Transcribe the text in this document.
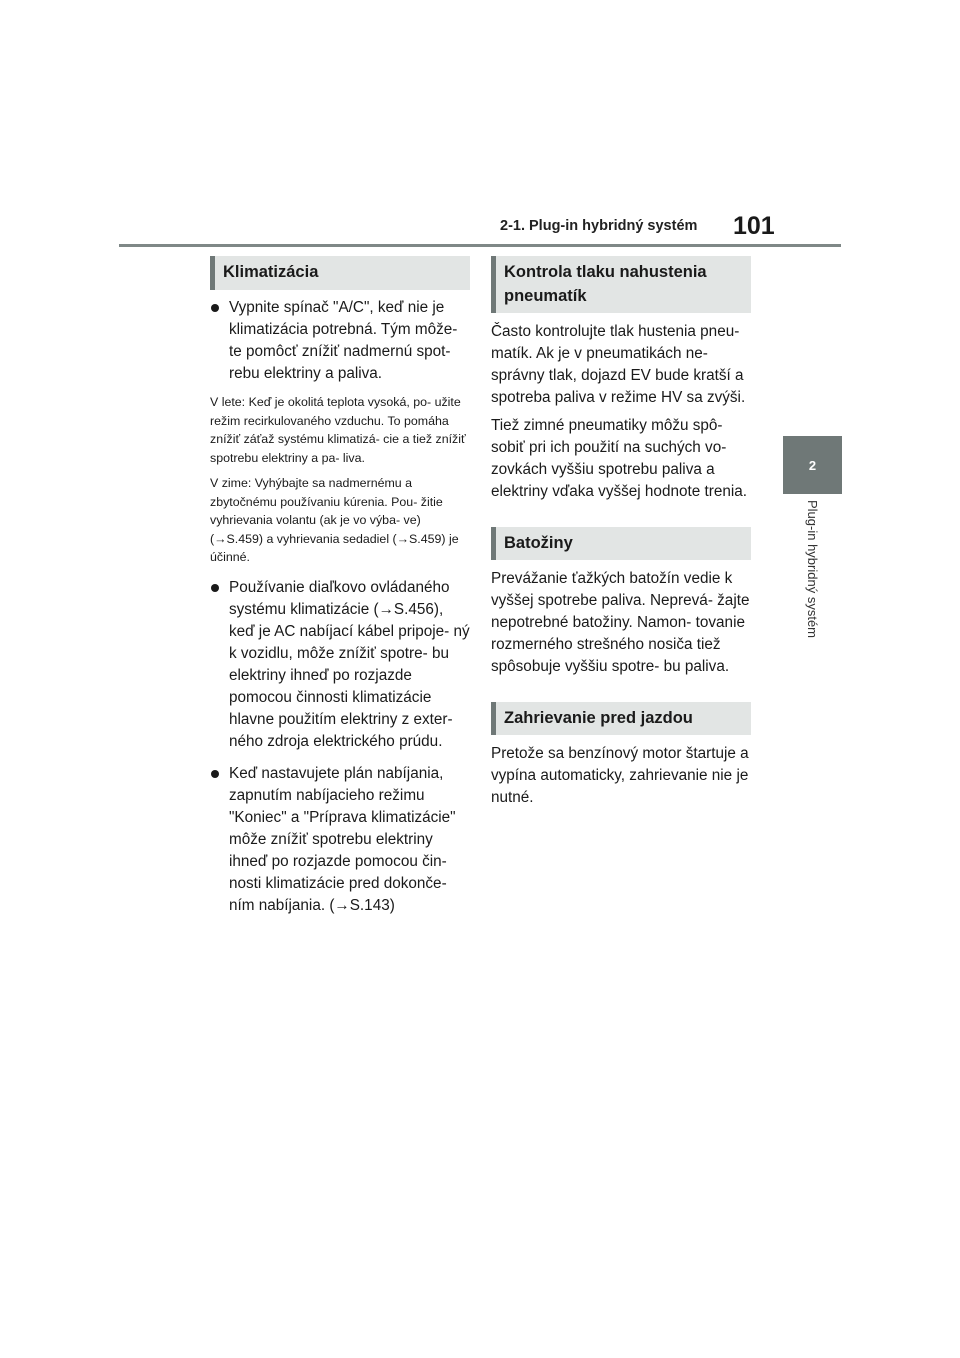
2-1. Plug-in hybridný systém 101
2
Plug-in hybridný systém
Klimatizácia

Vypnite spínač "A/C", keď nie je klimatizácia potrebná. Tým môže- te pomôcť znížiť nadmernú spot- rebu elektriny a paliva.

V lete: Keď je okolitá teplota vysoká, po- užite režim recirkulovaného vzduchu. To pomáha znížiť záťaž systému klimatizá- cie a tiež znížiť spotrebu elektriny a pa- liva.

V zime: Vyhýbajte sa nadmernému a zbytočnému používaniu kúrenia. Pou- žitie vyhrievania volantu (ak je vo výba- ve) (→S.459) a vyhrievania sedadiel (→S.459) je účinné.

Používanie diaľkovo ovládaného systému klimatizácie (→S.456), keď je AC nabíjací kábel pripoje- ný k vozidlu, môže znížiť spotre- bu elektriny ihneď po rozjazde pomocou činnosti klimatizácie hlavne použitím elektriny z exter- ného zdroja elektrického prúdu.

Keď nastavujete plán nabíjania, zapnutím nabíjacieho režimu "Koniec" a "Príprava klimatizácie" môže znížiť spotrebu elektriny ihneď po rozjazde pomocou čin- nosti klimatizácie pred dokonče- ním nabíjania. (→S.143)

Kontrola tlaku nahustenia pneumatík

Často kontrolujte tlak hustenia pneu- matík. Ak je v pneumatikách ne- správny tlak, dojazd EV bude kratší a spotreba paliva v režime HV sa zvýši.

Tiež zimné pneumatiky môžu spô- sobiť pri ich použití na suchých vo- zovkách vyššiu spotrebu paliva a elektriny vďaka vyššej hodnote trenia.

Batožiny

Prevážanie ťažkých batožín vedie k vyššej spotrebe paliva. Neprevá- žajte nepotrebné batožiny. Namon- tovanie rozmerného strešného nosiča tiež spôsobuje vyššiu spotre- bu paliva.

Zahrievanie pred jazdou

Pretože sa benzínový motor štartuje a vypína automaticky, zahrievanie nie je nutné.
